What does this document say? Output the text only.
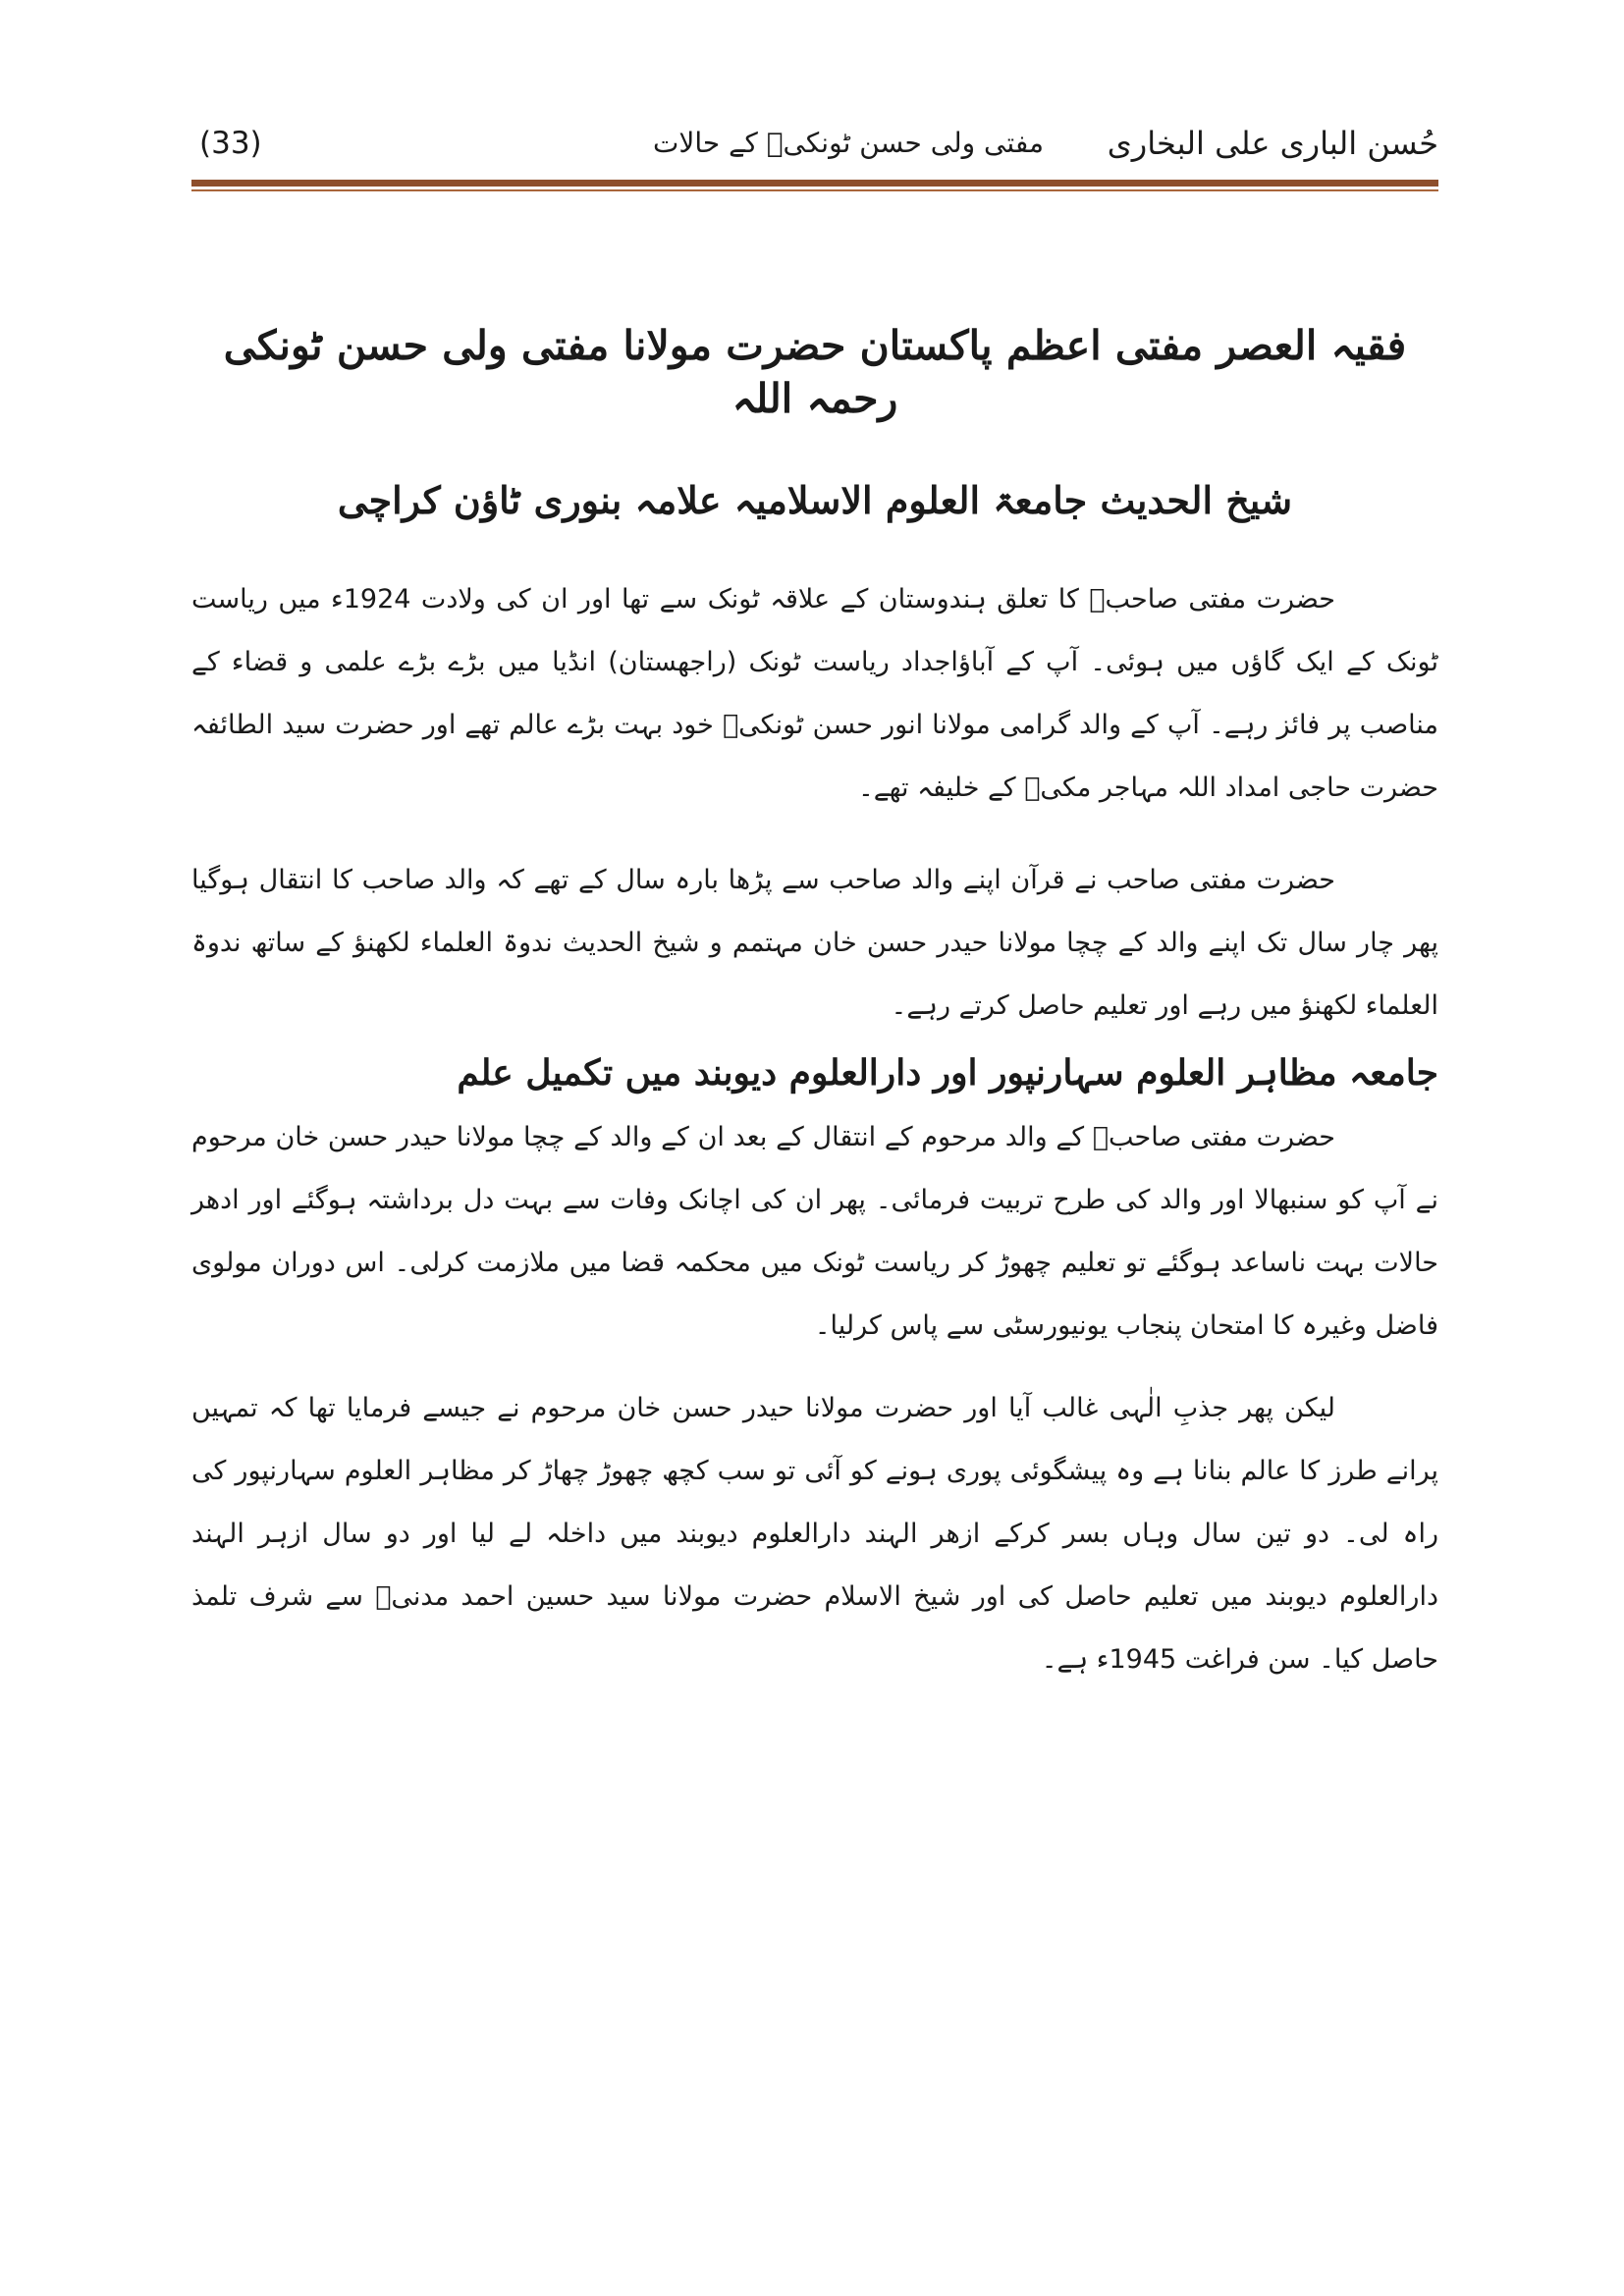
(33)	مفتی ولی حسن ٹونکیؒ کے حالات حُسن الباری علی البخاری
فقیہ العصر مفتی اعظم پاکستان حضرت مولانا مفتی ولی حسن ٹونکی رحمہ اللہ
شیخ الحدیث جامعۃ العلوم الاسلامیہ علامہ بنوری ٹاؤن کراچی
حضرت مفتی صاحبؒ کا تعلق ہندوستان کے علاقہ ٹونک سے تھا اور ان کی ولادت 1924ء میں ریاست ٹونک کے ایک گاؤں میں ہوئی۔ آپ کے آباؤاجداد ریاست ٹونک (راجھستان) انڈیا میں بڑے بڑے علمی و قضاء کے مناصب پر فائز رہے۔ آپ کے والد گرامی مولانا انور حسن ٹونکیؒ خود بہت بڑے عالم تھے اور حضرت سید الطائفہ حضرت حاجی امداد اللہ مہاجر مکیؒ کے خلیفہ تھے۔
حضرت مفتی صاحب نے قرآن اپنے والد صاحب سے پڑھا بارہ سال کے تھے کہ والد صاحب کا انتقال ہوگیا پھر چار سال تک اپنے والد کے چچا مولانا حیدر حسن خان مہتمم و شیخ الحدیث ندوۃ العلماء لکھنؤ کے ساتھ ندوۃ العلماء لکھنؤ میں رہے اور تعلیم حاصل کرتے رہے۔
جامعہ مظاہر العلوم سہارنپور اور دارالعلوم دیوبند میں تکمیل علم
حضرت مفتی صاحبؒ کے والد مرحوم کے انتقال کے بعد ان کے والد کے چچا مولانا حیدر حسن خان مرحوم نے آپ کو سنبھالا اور والد کی طرح تربیت فرمائی۔ پھر ان کی اچانک وفات سے بہت دل برداشتہ ہوگئے اور ادھر حالات بہت ناساعد ہوگئے تو تعلیم چھوڑ کر ریاست ٹونک میں محکمہ قضا میں ملازمت کرلی۔ اس دوران مولوی فاضل وغیرہ کا امتحان پنجاب یونیورسٹی سے پاس کرلیا۔
لیکن پھر جذبِ الٰہی غالب آیا اور حضرت مولانا حیدر حسن خان مرحوم نے جیسے فرمایا تھا کہ تمہیں پرانے طرز کا عالم بنانا ہے وہ پیشگوئی پوری ہونے کو آئی تو سب کچھ چھوڑ چھاڑ کر مظاہر العلوم سہارنپور کی راہ لی۔ دو تین سال وہاں بسر کرکے ازھر الہند دارالعلوم دیوبند میں داخلہ لے لیا اور دو سال ازہر الہند دارالعلوم دیوبند میں تعلیم حاصل کی اور شیخ الاسلام حضرت مولانا سید حسین احمد مدنیؒ سے شرف تلمذ حاصل کیا۔ سن فراغت 1945ء ہے۔
